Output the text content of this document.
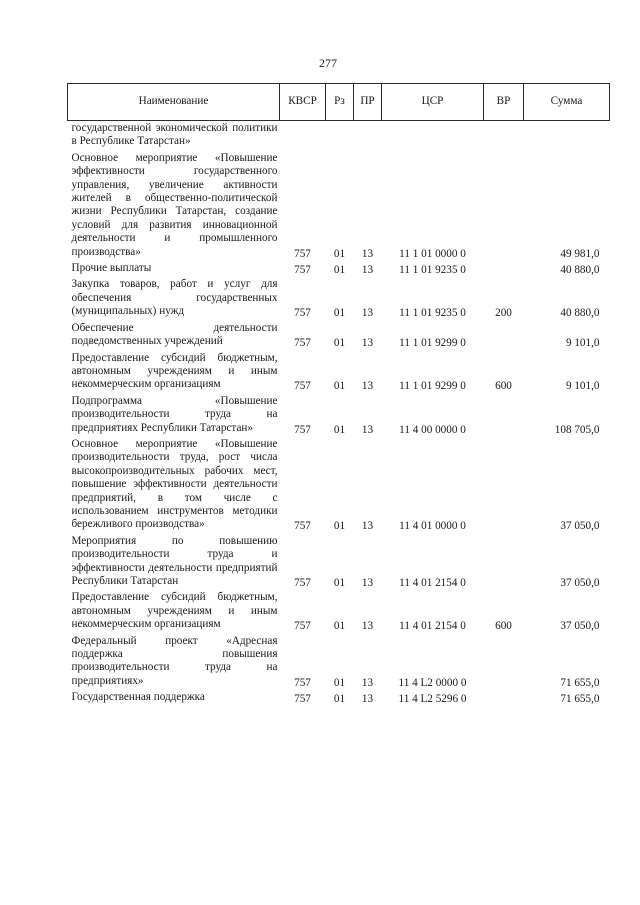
277
Наименование	КВСР	Рз	ПР	ЦСР	ВР	Сумма
государственной экономической политики в Республике Татарстан»						
Основное мероприятие «Повышение эффективности государственного управления, увеличение активности жителей в общественно-политической жизни Республики Татарстан, создание условий для развития инновационной деятельности и промышленного производства»	757	01	13	11 1 01 0000 0		49 981,0
Прочие выплаты	757	01	13	11 1 01 9235 0		40 880,0
Закупка товаров, работ и услуг для обеспечения государственных (муниципальных) нужд	757	01	13	11 1 01 9235 0	200	40 880,0
Обеспечение деятельности подведомственных учреждений	757	01	13	11 1 01 9299 0		9 101,0
Предоставление субсидий бюджетным, автономным учреждениям и иным некоммерческим организациям	757	01	13	11 1 01 9299 0	600	9 101,0
Подпрограмма «Повышение производительности труда на предприятиях Республики Татарстан»	757	01	13	11 4 00 0000 0		108 705,0
Основное мероприятие «Повышение производительности труда, рост числа высокопроизводительных рабочих мест, повышение эффективности деятельности предприятий, в том числе с использованием инструментов методики бережливого производства»	757	01	13	11 4 01 0000 0		37 050,0
Мероприятия по повышению производительности труда и эффективности деятельности предприятий Республики Татарстан	757	01	13	11 4 01 2154 0		37 050,0
Предоставление субсидий бюджетным, автономным учреждениям и иным некоммерческим организациям	757	01	13	11 4 01 2154 0	600	37 050,0
Федеральный проект «Адресная поддержка повышения производительности труда на предприятиях»	757	01	13	11 4 L2 0000 0		71 655,0
Государственная поддержка	757	01	13	11 4 L2 5296 0		71 655,0
